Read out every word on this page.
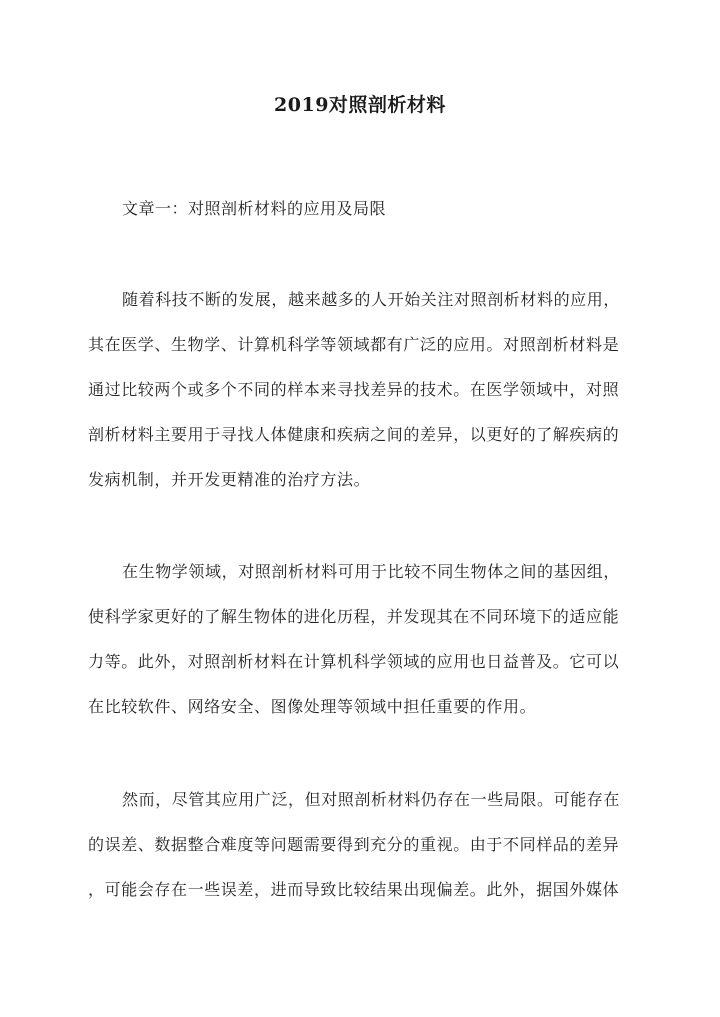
2019对照剖析材料
文章一：对照剖析材料的应用及局限
随着科技不断的发展，越来越多的人开始关注对照剖析材料的应用，
其在医学、生物学、计算机科学等领域都有广泛的应用。对照剖析材料是
通过比较两个或多个不同的样本来寻找差异的技术。在医学领域中，对照
剖析材料主要用于寻找人体健康和疾病之间的差异，以更好的了解疾病的
发病机制，并开发更精准的治疗方法。
在生物学领域，对照剖析材料可用于比较不同生物体之间的基因组，
使科学家更好的了解生物体的进化历程，并发现其在不同环境下的适应能
力等。此外，对照剖析材料在计算机科学领域的应用也日益普及。它可以
在比较软件、网络安全、图像处理等领域中担任重要的作用。
然而，尽管其应用广泛，但对照剖析材料仍存在一些局限。可能存在
的误差、数据整合难度等问题需要得到充分的重视。由于不同样品的差异
，可能会存在一些误差，进而导致比较结果出现偏差。此外，据国外媒体
